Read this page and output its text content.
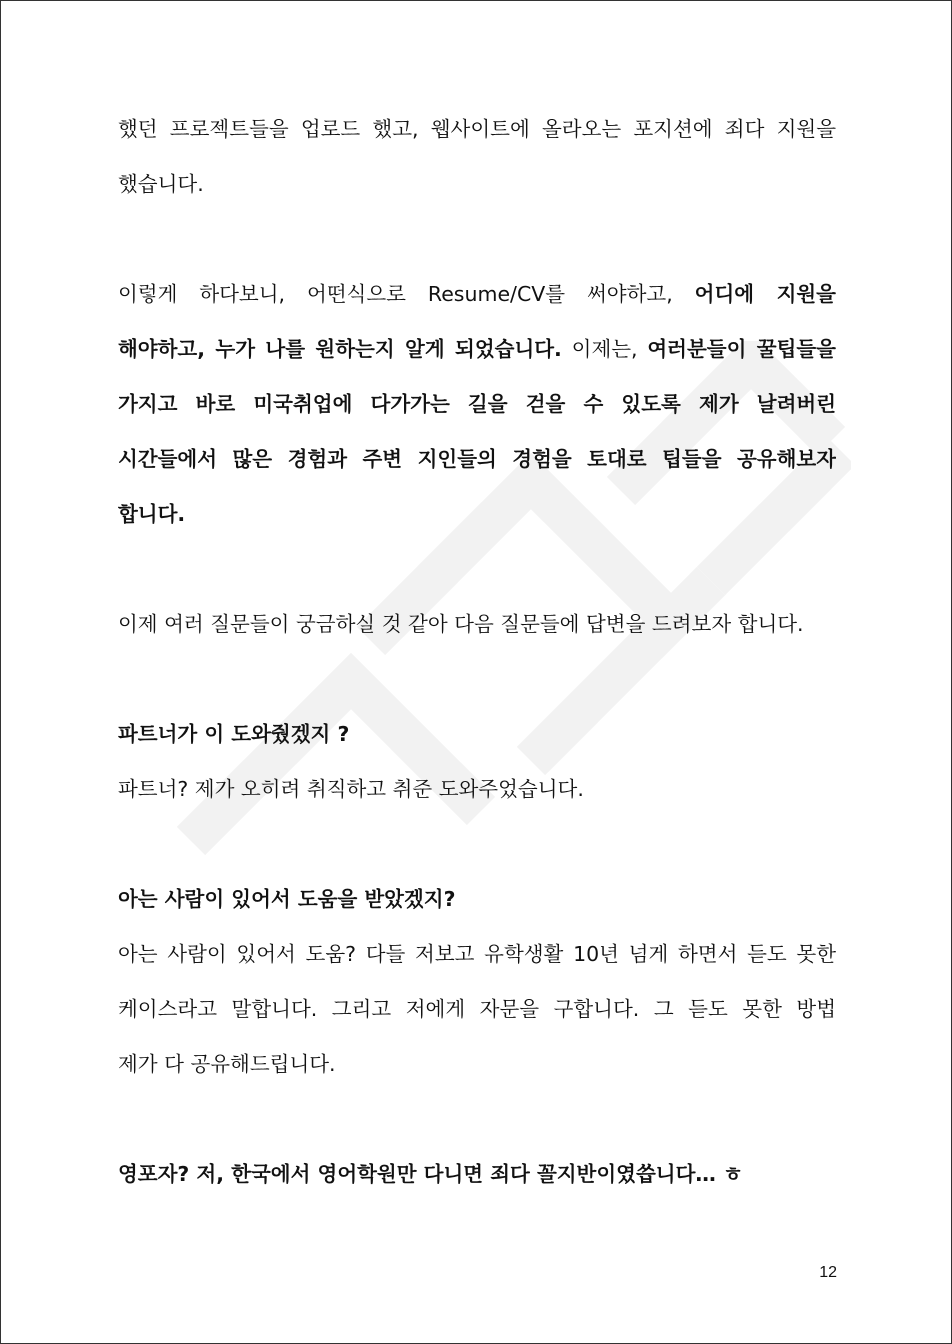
했던 프로젝트들을 업로드 했고, 웹사이트에 올라오는 포지션에 죄다 지원을
했습니다.
이렇게 하다보니, 어떤식으로 Resume/CV를 써야하고, 어디에 지원을
해야하고, 누가 나를 원하는지 알게 되었습니다. 이제는, 여러분들이 꿀팁들을
가지고 바로 미국취업에 다가가는 길을 걷을 수 있도록 제가 날려버린
시간들에서 많은 경험과 주변 지인들의 경험을 토대로 팁들을 공유해보자
합니다.
이제 여러 질문들이 궁금하실 것 같아 다음 질문들에 답변을 드려보자 합니다.
파트너가 이 도와줬겠지 ?
파트너? 제가 오히려 취직하고 취준 도와주었습니다.
아는 사람이 있어서 도움을 받았겠지?
아는 사람이 있어서 도움? 다들 저보고 유학생활 10년 넘게 하면서 듣도 못한
케이스라고 말합니다. 그리고 저에게 자문을 구합니다. 그 듣도 못한 방법
제가 다 공유해드립니다.
영포자? 저, 한국에서 영어학원만 다니면 죄다 꼴지반이였씁니다… ㅎ
12
